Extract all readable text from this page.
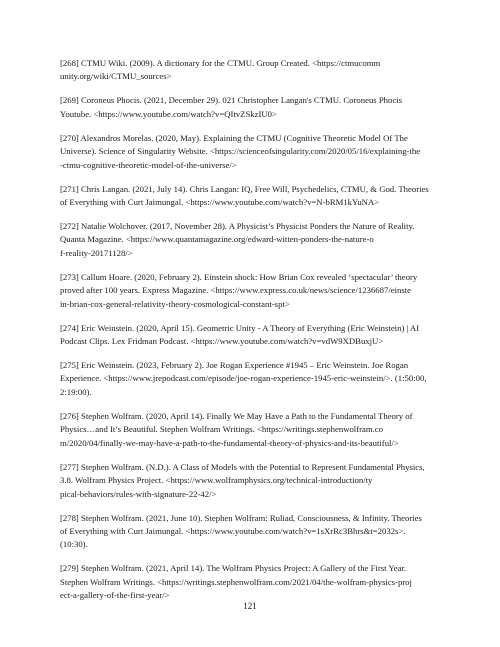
[268] CTMU Wiki. (2009). A dictionary for the CTMU. Group Created. <https://ctmucomm
unity.org/wiki/CTMU_sources>

[269] Coroneus Phocis. (2021, December 29). 021 Christopher Langan's CTMU. Coroneus Phocis
Youtube. <https://www.youtube.com/watch?v=QItvZSkzIU0>

[270] Alexandros Morelas. (2020, May). Explaining the CTMU (Cognitive Theoretic Model Of The
Universe). Science of Singularity Website. <https://scienceofsingularity.com/2020/05/16/explaining-the
-ctmu-cognitive-theoretic-model-of-the-universe/>

[271] Chris Langan. (2021, July 14). Chris Langan: IQ, Free Will, Psychedelics, CTMU, & God. Theories
of Everything with Curt Jaimungal. <https://www.youtube.com/watch?v=N-bRM1kYuNA>

[272] Natalie Wolchover. (2017, November 28). A Physicist’s Physicist Ponders the Nature of Reality.
Quanta Magazine. <https://www.quantamagazine.org/edward-witten-ponders-the-nature-o
f-reality-20171128/>

[273] Callum Hoare. (2020, February 2). Einstein shock: How Brian Cox revealed ‘spectacular’ theory
proved after 100 years. Express Magazine. <https://www.express.co.uk/news/science/1236687/einste
in-brian-cox-general-relativity-theory-cosmological-constant-spt>

[274] Eric Weinstein. (2020, April 15). Geometric Unity - A Theory of Everything (Eric Weinstein) | AI
Podcast Clips. Lex Fridman Podcast. <https://www.youtube.com/watch?v=vdW9XDBuxjU>

[275] Eric Weinstein. (2023, February 2). Joe Rogan Experience #1945 – Eric Weinstein. Joe Rogan
Experience. <https://www.jrepodcast.com/episode/joe-rogan-experience-1945-eric-weinstein/>. (1:50:00,
2:19:00).

[276] Stephen Wolfram. (2020, April 14). Finally We May Have a Path to the Fundamental Theory of
Physics…and It’s Beautiful. Stephen Wolfram Writings. <https://writings.stephenwolfram.co
m/2020/04/finally-we-may-have-a-path-to-the-fundamental-theory-of-physics-and-its-beautiful/>

[277] Stephen Wolfram. (N.D.). A Class of Models with the Potential to Represent Fundamental Physics,
3.8. Wolfram Physics Project. <https://www.wolframphysics.org/technical-introduction/ty
pical-behaviors/rules-with-signature-22-42/>

[278] Stephen Wolfram. (2021, June 10). Stephen Wolfram: Ruliad, Consciousness, & Infinity. Theories
of Everything with Curt Jaimungal. <https://www.youtube.com/watch?v=1sXrRc3Bhrs&t=2032s>.
(10:30).

[279] Stephen Wolfram. (2021, April 14). The Wolfram Physics Project: A Gallery of the First Year.
Stephen Wolfram Writings. <https://writings.stephenwolfram.com/2021/04/the-wolfram-physics-proj
ect-a-gallery-of-the-first-year/>

121
